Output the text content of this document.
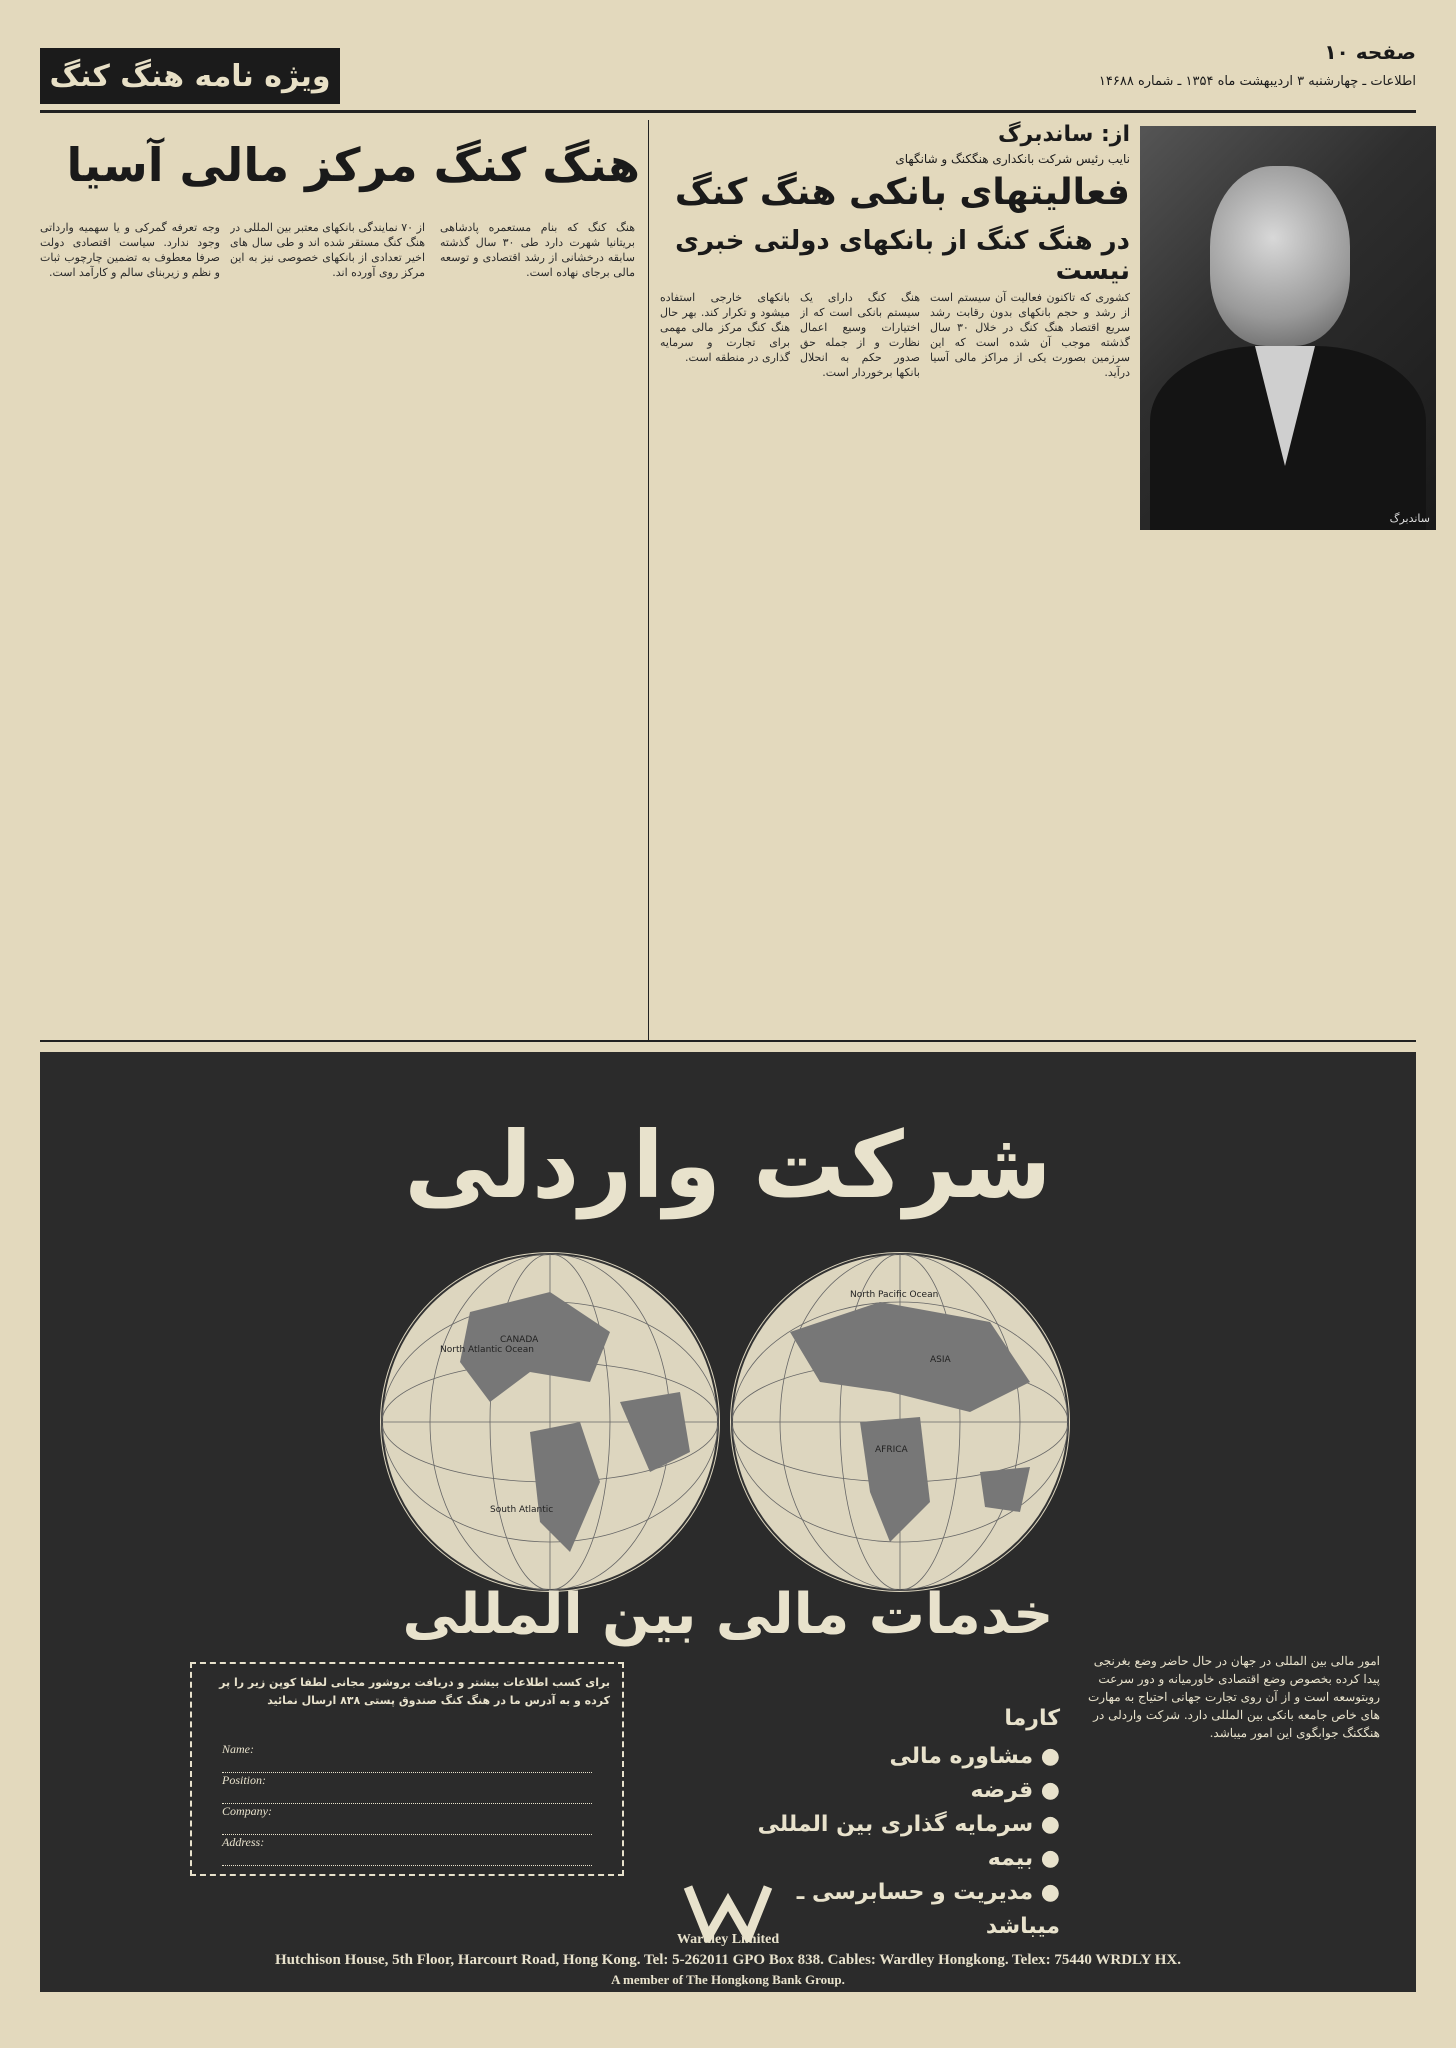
صفحه ۱۰
اطلاعات ـ چهارشنبه ۳ اردیبهشت ماه ۱۳۵۴ ـ شماره ۱۴۶۸۸
ویژه نامه هنگ کنگ
از: ساندبرگ
نایب رئیس شرکت بانکداری هنگکنگ و شانگهای
فعالیتهای بانکی هنگ کنگ
در هنگ کنگ از بانکهای دولتی خبری نیست
ساندبرگ

کشوری که تاکنون فعالیت آن سیستم است از رشد و حجم بانکهای بدون رقابت رشد سریع اقتصاد هنگ کنگ در خلال ۳۰ سال گذشته موجب آن شده است که این سرزمین بصورت یکی از مراکز مالی آسیا درآید.

هنگ کنگ دارای یک سیستم بانکی است که از اختیارات وسیع اعمال نظارت و از جمله حق صدور حکم به انحلال بانکها برخوردار است.

بانکهای خارجی استفاده میشود و تکرار کند. بهر حال هنگ کنگ مرکز مالی مهمی برای تجارت و سرمایه گذاری در منطقه است.

هنگ کنگ مرکز مالی آسیا

هنگ کنگ که بنام مستعمره پادشاهی بریتانیا شهرت دارد طی ۳۰ سال گذشته سابقه درخشانی از رشد اقتصادی و توسعه مالی برجای نهاده است.

از ۷۰ نمایندگی بانکهای معتبر بین المللی در هنگ کنگ مستقر شده اند و طی سال های اخیر تعدادی از بانکهای خصوصی نیز به این مرکز روی آورده اند.

وجه تعرفه گمرکی و یا سهمیه وارداتی وجود ندارد. سیاست اقتصادی دولت صرفا معطوف به تضمین چارچوب ثبات و نظم و زیربنای سالم و کارآمد است.

شرکت واردلی
North Atlantic Ocean
South Atlantic
CANADA
North Pacific Ocean
ASIA
AFRICA
خدمات مالی بین المللی
برای کسب اطلاعات بیشتر و دریافت بروشور مجانی لطفا کوپن زیر را پر کرده و به آدرس ما در هنگ کنگ صندوق پستی ۸۳۸ ارسال نمائید
Name:
Position:
Company:
Address:
کارما
● مشاوره مالی
● قرضه
● سرمایه گذاری بین المللی
● بیمه
● مدیریت و حسابرسی ـ میباشد
امور مالی بین المللی در جهان در حال حاضر وضع بغرنجی پیدا کرده بخصوص وضع اقتصادی خاورمیانه و دور سرعت روبتوسعه است و از آن روی تجارت جهانی احتیاج به مهارت های خاص جامعه بانکی بین المللی دارد. شرکت واردلی در هنگکنگ جوابگوی این امور میباشد.
Wardley Limited
Hutchison House, 5th Floor, Harcourt Road, Hong Kong. Tel: 5-262011 GPO Box 838. Cables: Wardley Hongkong. Telex: 75440 WRDLY HX.
A member of The Hongkong Bank Group.
